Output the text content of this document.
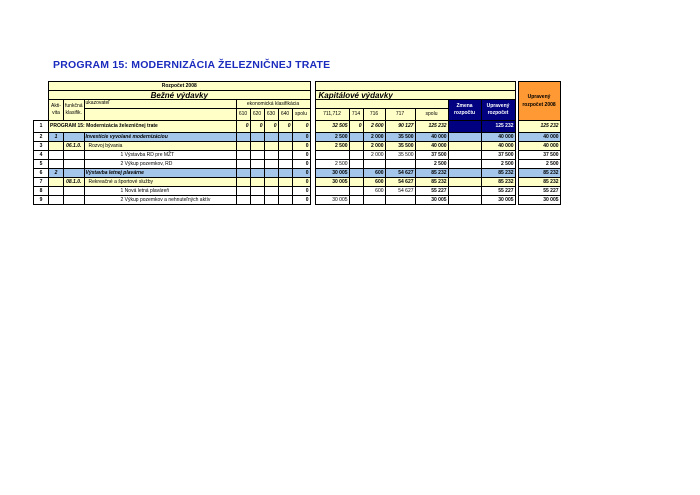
PROGRAM 15: MODERNIZÁCIA ŽELEZNIČNEJ TRATE
	Rozpočet 2008																	Upravený rozpočet 2008
	Bežné výdavky									Kapitálové výdavky								
	Akti-vita	funkčná klasifik.	ukazovateľ	ekonomická klasifikácia											Zmena rozpočtu	Upravený rozpočet		
				610	620	630	640	spolu		711,712	714	716	717	spolu				
1	PROGRAM 15: Modernizácia železničnej trate			0	0	0	0	0		32 505	0	2 600	90 127	125 232		125 232		125 232
2	1		Investície vyvolané modernizáciou					0		2 500		2 000	35 500	40 000		40 000		40 000
3		06.1.0.	Rozvoj bývania					0		2 500		2 000	35 500	40 000		40 000		40 000
4			1 Výstavba RD pre MŽT					0				2 000	35 500	37 500		37 500		37 500
5			2 Výkup pozemkov, RD					0		2 500				2 500		2 500		2 500
6	2		Výstavba letnej plavárne					0		30 005		600	54 627	85 232		85 232		85 232
7		08.1.0.	Rekreačné a športové služby					0		30 005		600	54 627	85 232		85 232		85 232
8			1 Nová letná plaváreň					0				600	54 627	55 227		55 227		55 227
9			2 Výkup pozemkov a nehnuteľných aktív					0		30 005				30 005		30 005		30 005
